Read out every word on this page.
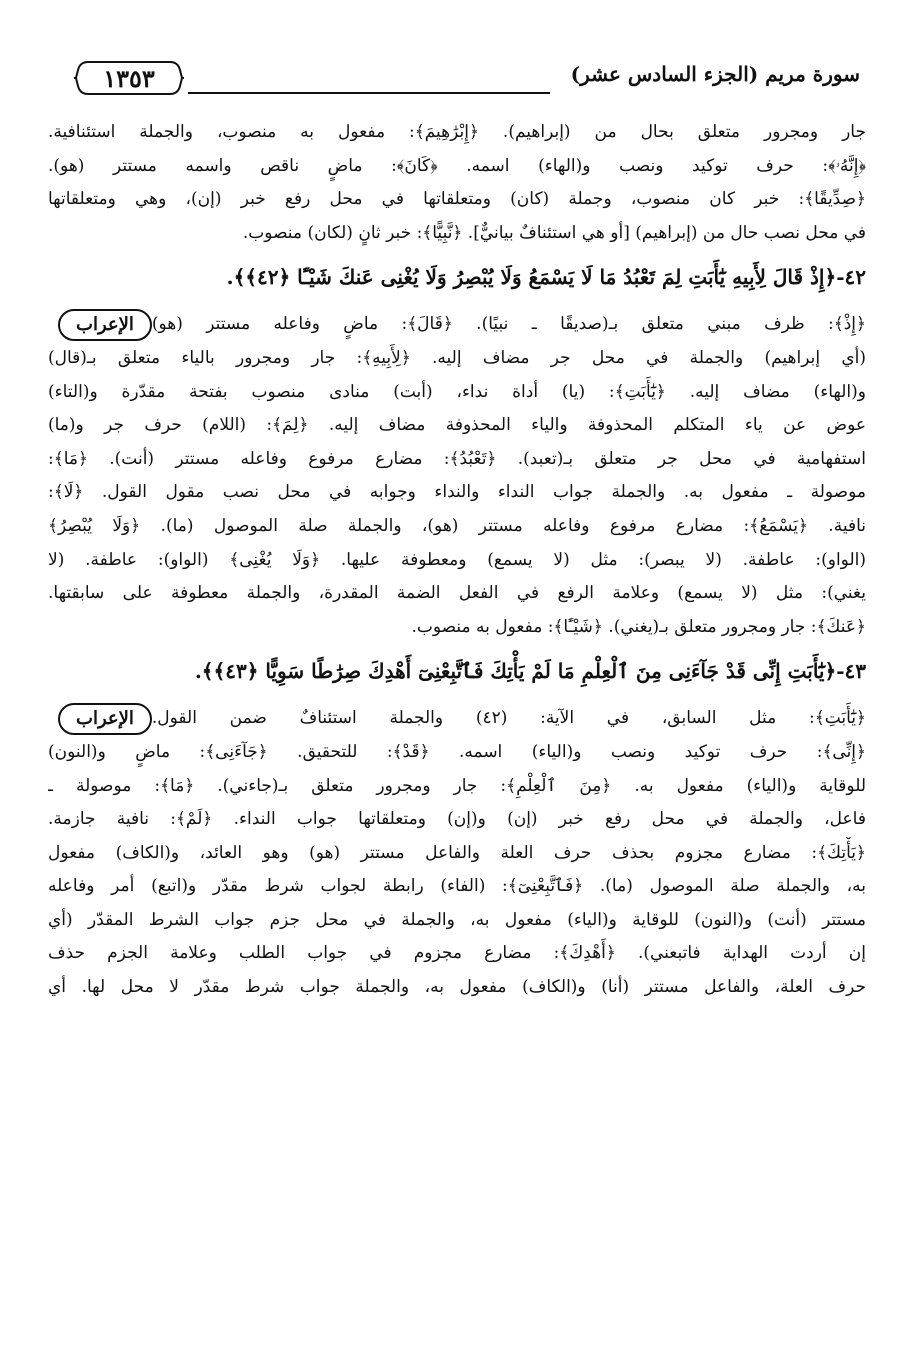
١٣٥٣	سورة مريم (الجزء السادس عشر)
جار ومجرور متعلق بحال من (إبراهيم). ﴿إِبْرَٰهِيمَ﴾: مفعول به منصوب، والجملة استئنافية.
﴿إِنَّهُۥ﴾: حرف توكيد ونصب و(الهاء) اسمه. ﴿كَانَ﴾: ماضٍ ناقص واسمه مستتر (هو).
﴿صِدِّيقًا﴾: خبر كان منصوب، وجملة (كان) ومتعلقاتها في محل رفع خبر (إن)، وهي ومتعلقاتها
في محل نصب حال من (إبراهيم) [أو هي استئنافٌ بيانيٌّ]. ﴿نَّبِيًّا﴾: خبر ثانٍ (لكان) منصوب.
٤٢-﴿إِذْ قَالَ لِأَبِيهِ يَٰٓأَبَتِ لِمَ تَعْبُدُ مَا لَا يَسْمَعُ وَلَا يُبْصِرُ وَلَا يُغْنِى عَنكَ شَيْـًٔا ﴿٤٢﴾﴾.
﴿إِذْ﴾: ظرف مبني متعلق بـ(صديقًا ـ نبيًا). ﴿قَالَ﴾: ماضٍ وفاعله مستتر (هو)
الإعراب
(أي إبراهيم) والجملة في محل جر مضاف إليه. ﴿لِأَبِيهِ﴾: جار ومجرور بالياء متعلق بـ(قال)
و(الهاء) مضاف إليه. ﴿يَٰٓأَبَتِ﴾: (يا) أداة نداء، (أبت) منادى منصوب بفتحة مقدّرة و(التاء)
عوض عن ياء المتكلم المحذوفة والياء المحذوفة مضاف إليه. ﴿لِمَ﴾: (اللام) حرف جر و(ما)
استفهامية في محل جر متعلق بـ(تعبد). ﴿تَعْبُدُ﴾: مضارع مرفوع وفاعله مستتر (أنت). ﴿مَا﴾:
موصولة ـ مفعول به. والجملة جواب النداء والنداء وجوابه في محل نصب مقول القول. ﴿لَا﴾:
نافية. ﴿يَسْمَعُ﴾: مضارع مرفوع وفاعله مستتر (هو)، والجملة صلة الموصول (ما). ﴿وَلَا يُبْصِرُ﴾
(الواو): عاطفة. (لا يبصر): مثل (لا يسمع) ومعطوفة عليها. ﴿وَلَا يُغْنِى﴾ (الواو): عاطفة. (لا
يغني): مثل (لا يسمع) وعلامة الرفع في الفعل الضمة المقدرة، والجملة معطوفة على سابقتها.
﴿عَنكَ﴾: جار ومجرور متعلق بـ(يغني). ﴿شَيْـًٔا﴾: مفعول به منصوب.
٤٣-﴿يَٰٓأَبَتِ إِنِّى قَدْ جَآءَنِى مِنَ ٱلْعِلْمِ مَا لَمْ يَأْتِكَ فَٱتَّبِعْنِىٓ أَهْدِكَ صِرَٰطًا سَوِيًّا ﴿٤٣﴾﴾.
﴿يَٰٓأَبَتِ﴾: مثل السابق، في الآية: (٤٢) والجملة استئنافٌ ضمن القول.
الإعراب
﴿إِنِّى﴾: حرف توكيد ونصب و(الياء) اسمه. ﴿قَدْ﴾: للتحقيق. ﴿جَآءَنِى﴾: ماضٍ و(النون)
للوقاية و(الياء) مفعول به. ﴿مِنَ ٱلْعِلْمِ﴾: جار ومجرور متعلق بـ(جاءني). ﴿مَا﴾: موصولة ـ
فاعل، والجملة في محل رفع خبر (إن) و(إن) ومتعلقاتها جواب النداء. ﴿لَمْ﴾: نافية جازمة.
﴿يَأْتِكَ﴾: مضارع مجزوم بحذف حرف العلة والفاعل مستتر (هو) وهو العائد، و(الكاف) مفعول
به، والجملة صلة الموصول (ما). ﴿فَٱتَّبِعْنِىٓ﴾: (الفاء) رابطة لجواب شرط مقدّر و(اتبع) أمر وفاعله
مستتر (أنت) و(النون) للوقاية و(الياء) مفعول به، والجملة في محل جزم جواب الشرط المقدّر (أي
إن أردت الهداية فاتبعني). ﴿أَهْدِكَ﴾: مضارع مجزوم في جواب الطلب وعلامة الجزم حذف
حرف العلة، والفاعل مستتر (أنا) و(الكاف) مفعول به، والجملة جواب شرط مقدّر لا محل لها. أي
